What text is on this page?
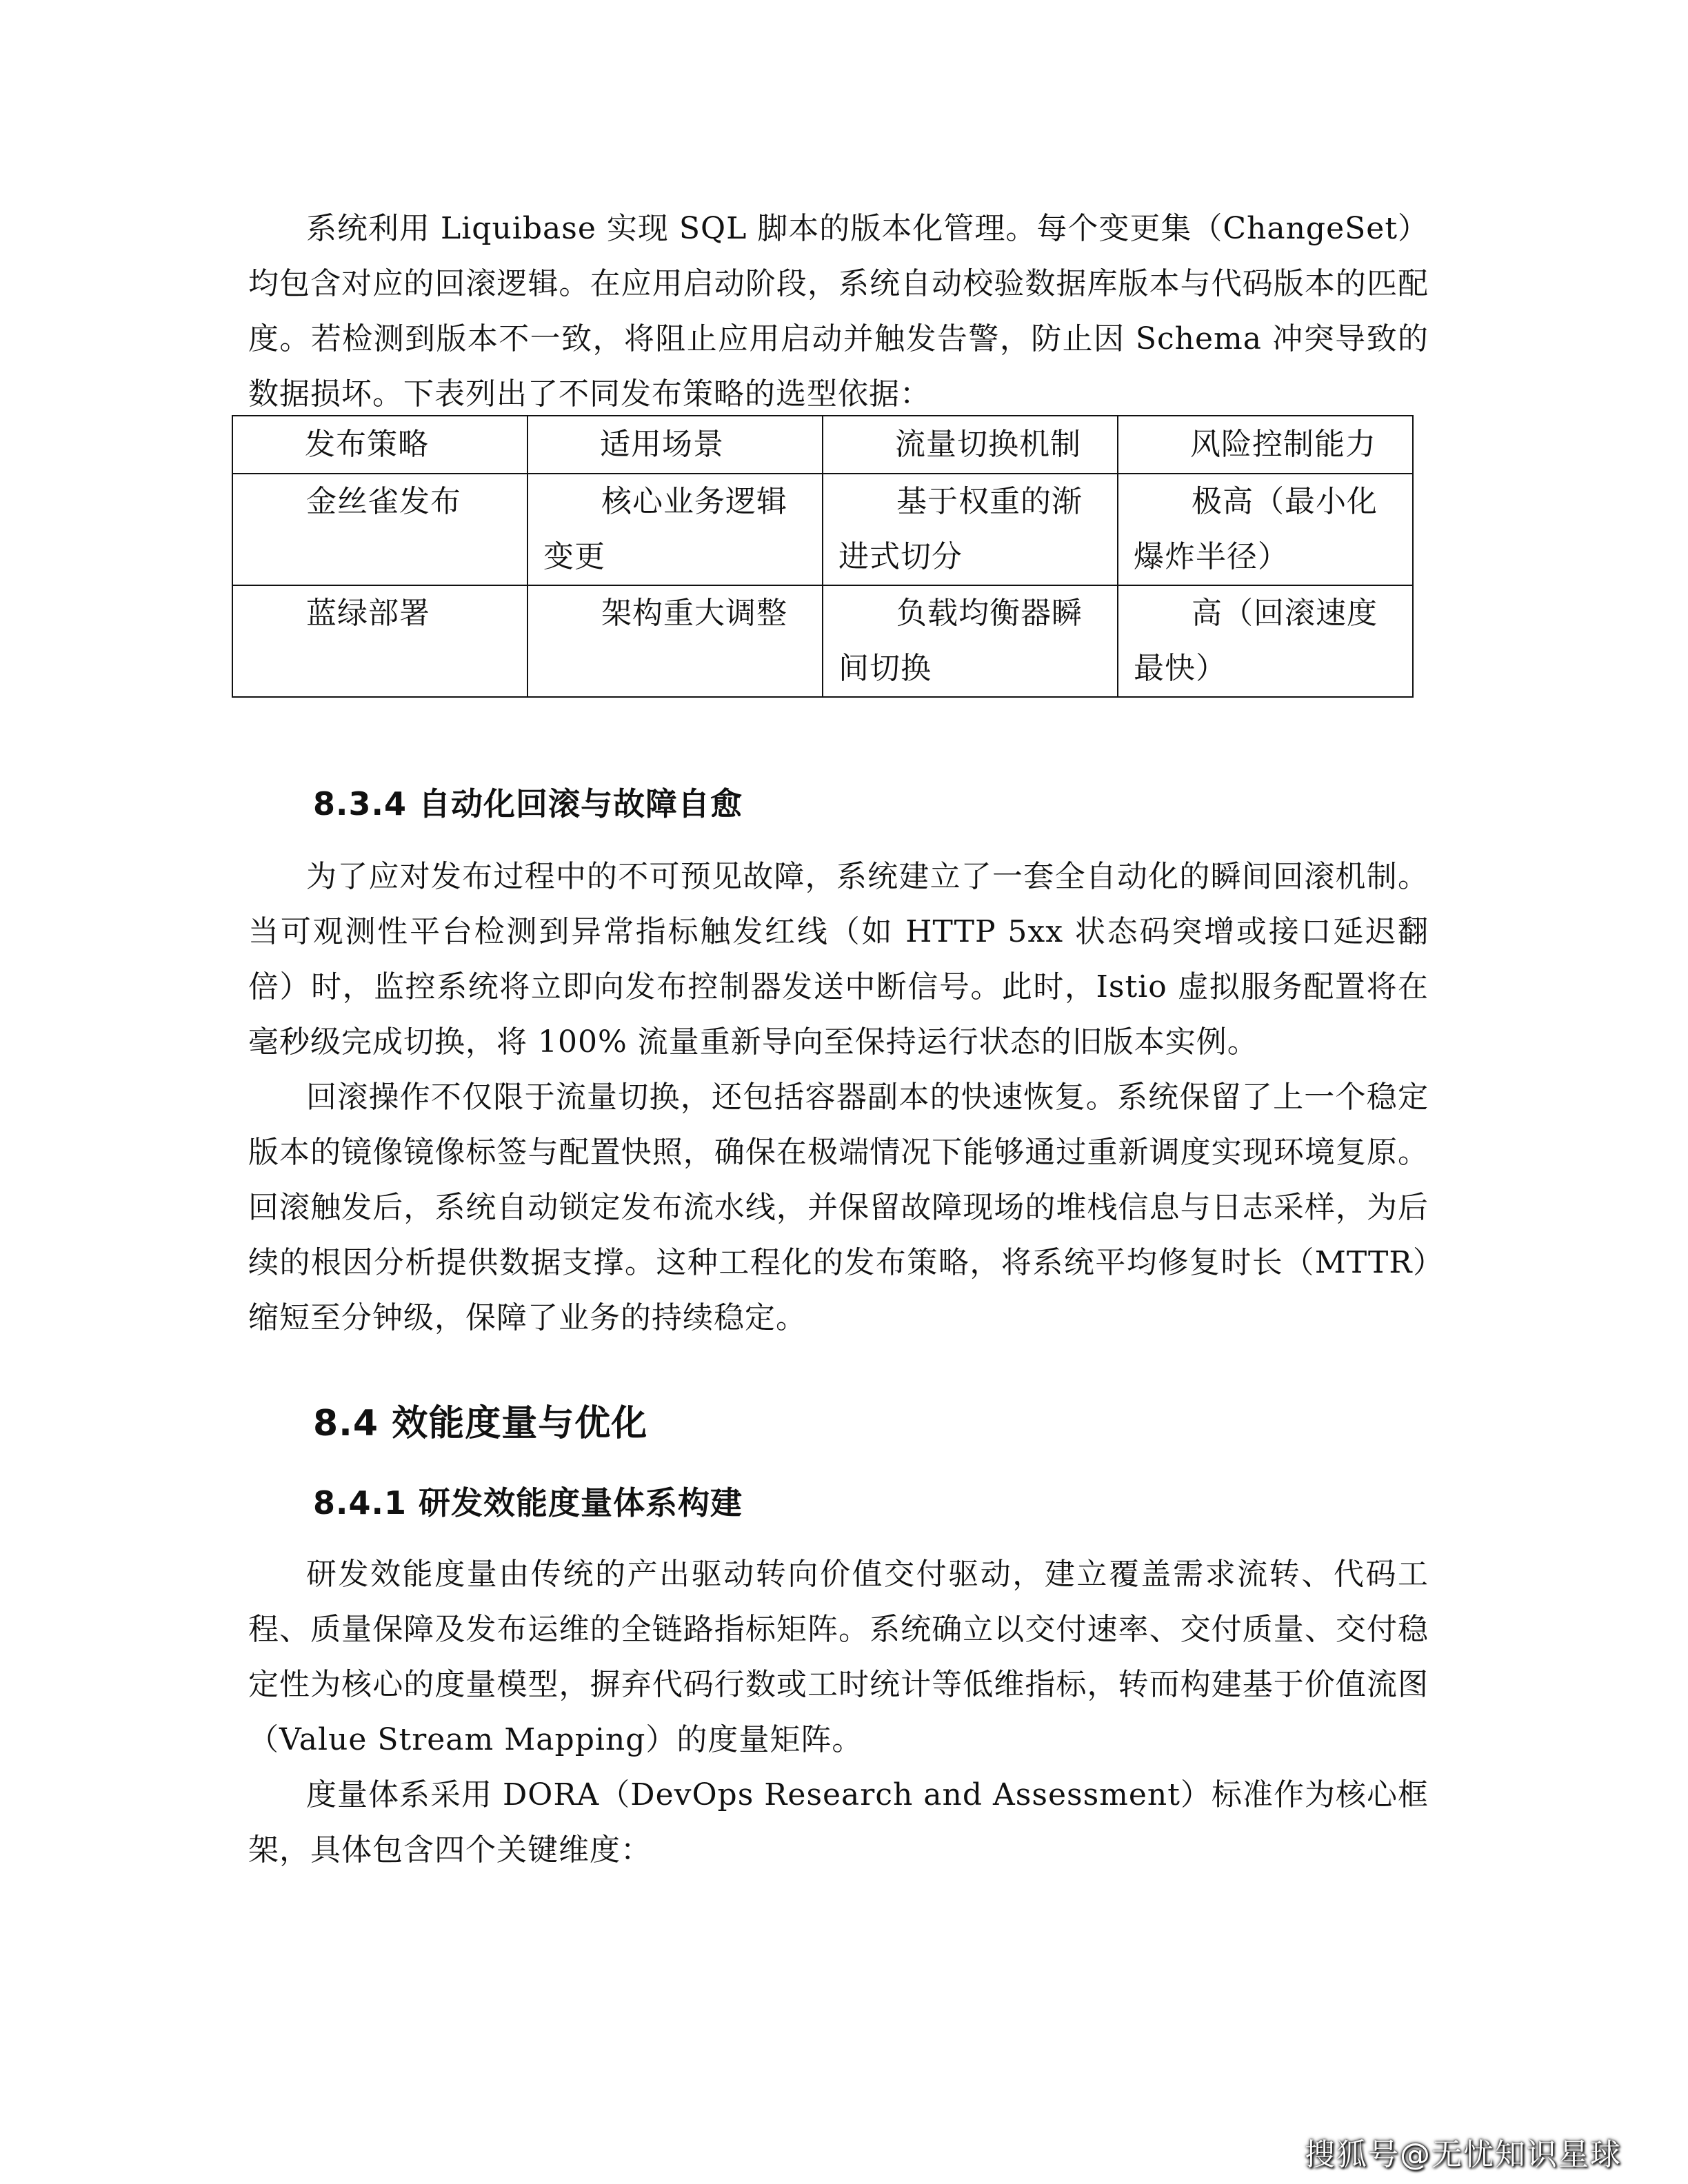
系统利用 Liquibase 实现 SQL 脚本的版本化管理。每个变更集（ChangeSet）均包含对应的回滚逻辑。在应用启动阶段，系统自动校验数据库版本与代码版本的匹配度。若检测到版本不一致，将阻止应用启动并触发告警，防止因 Schema 冲突导致的数据损坏。下表列出了不同发布策略的选型依据：

发布策略	适用场景	流量切换机制	风险控制能力
金丝雀发布	核心业务逻辑变更	基于权重的渐进式切分	极高（最小化爆炸半径）
蓝绿部署	架构重大调整	负载均衡器瞬间切换	高（回滚速度最快）
8.3.4 自动化回滚与故障自愈

为了应对发布过程中的不可预见故障，系统建立了一套全自动化的瞬间回滚机制。当可观测性平台检测到异常指标触发红线（如 HTTP 5xx 状态码突增或接口延迟翻倍）时，监控系统将立即向发布控制器发送中断信号。此时，Istio 虚拟服务配置将在毫秒级完成切换，将 100% 流量重新导向至保持运行状态的旧版本实例。

回滚操作不仅限于流量切换，还包括容器副本的快速恢复。系统保留了上一个稳定版本的镜像镜像标签与配置快照，确保在极端情况下能够通过重新调度实现环境复原。回滚触发后，系统自动锁定发布流水线，并保留故障现场的堆栈信息与日志采样，为后续的根因分析提供数据支撑。这种工程化的发布策略，将系统平均修复时长（MTTR）缩短至分钟级，保障了业务的持续稳定。

8.4 效能度量与优化
8.4.1 研发效能度量体系构建

研发效能度量由传统的产出驱动转向价值交付驱动，建立覆盖需求流转、代码工程、质量保障及发布运维的全链路指标矩阵。系统确立以交付速率、交付质量、交付稳定性为核心的度量模型，摒弃代码行数或工时统计等低维指标，转而构建基于价值流图（Value Stream Mapping）的度量矩阵。

度量体系采用 DORA（DevOps Research and Assessment）标准作为核心框架，具体包含四个关键维度：

搜狐号@无忧知识星球
